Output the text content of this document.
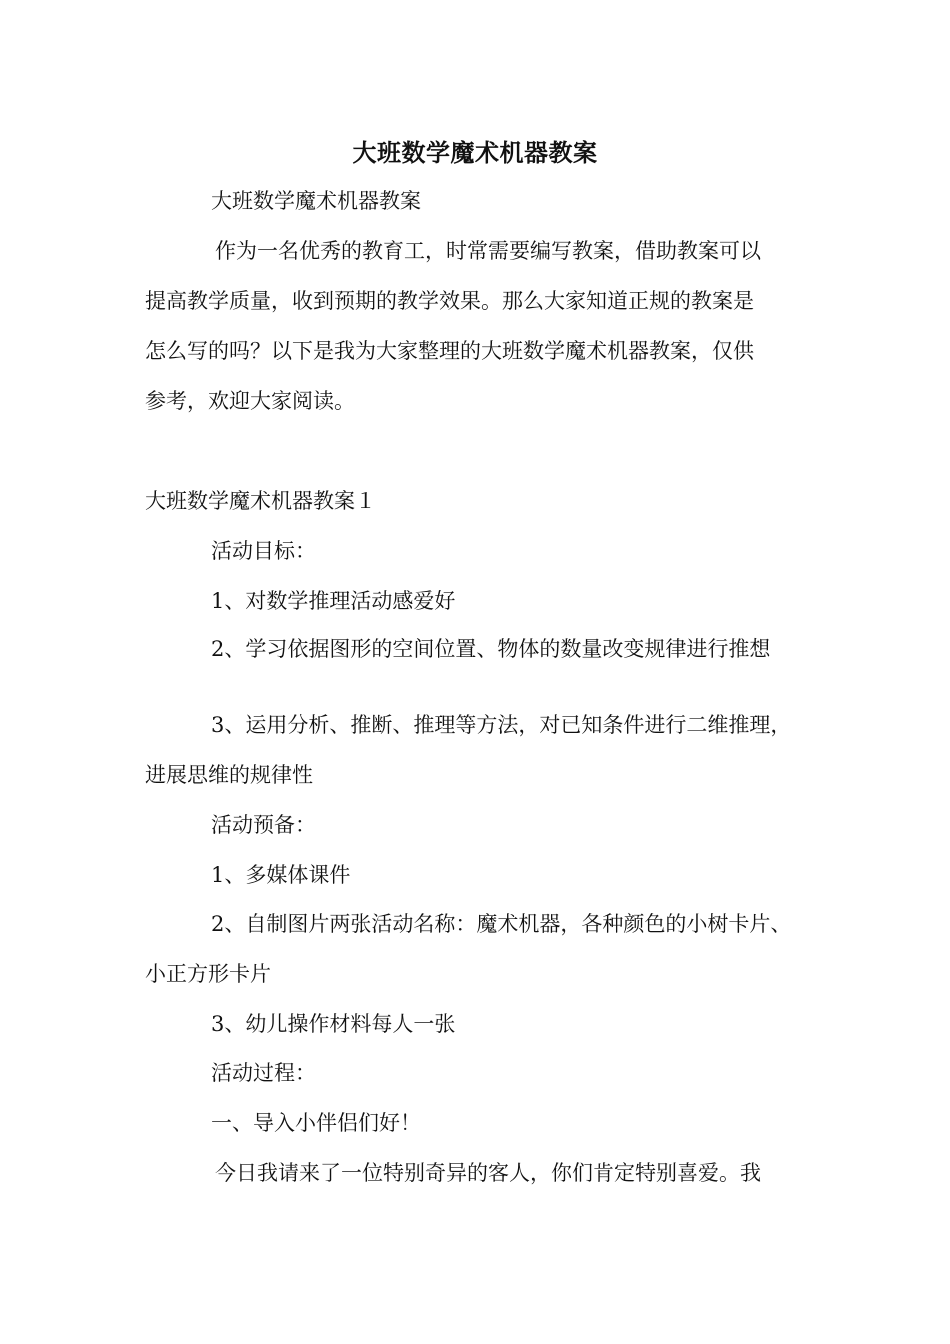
大班数学魔术机器教案
大班数学魔术机器教案
作为一名优秀的教育工，时常需要编写教案，借助教案可以
提高教学质量，收到预期的教学效果。那么大家知道正规的教案是
怎么写的吗？以下是我为大家整理的大班数学魔术机器教案，仅供
参考，欢迎大家阅读。
大班数学魔术机器教案１
活动目标：
1、对数学推理活动感爱好
2、学习依据图形的空间位置、物体的数量改变规律进行推想
3、运用分析、推断、推理等方法，对已知条件进行二维推理，
进展思维的规律性
活动预备：
1、多媒体课件
2、自制图片两张活动名称：魔术机器，各种颜色的小树卡片、
小正方形卡片
3、幼儿操作材料每人一张
活动过程：
一、导入小伴侣们好！
今日我请来了一位特别奇异的客人，你们肯定特别喜爱。我
